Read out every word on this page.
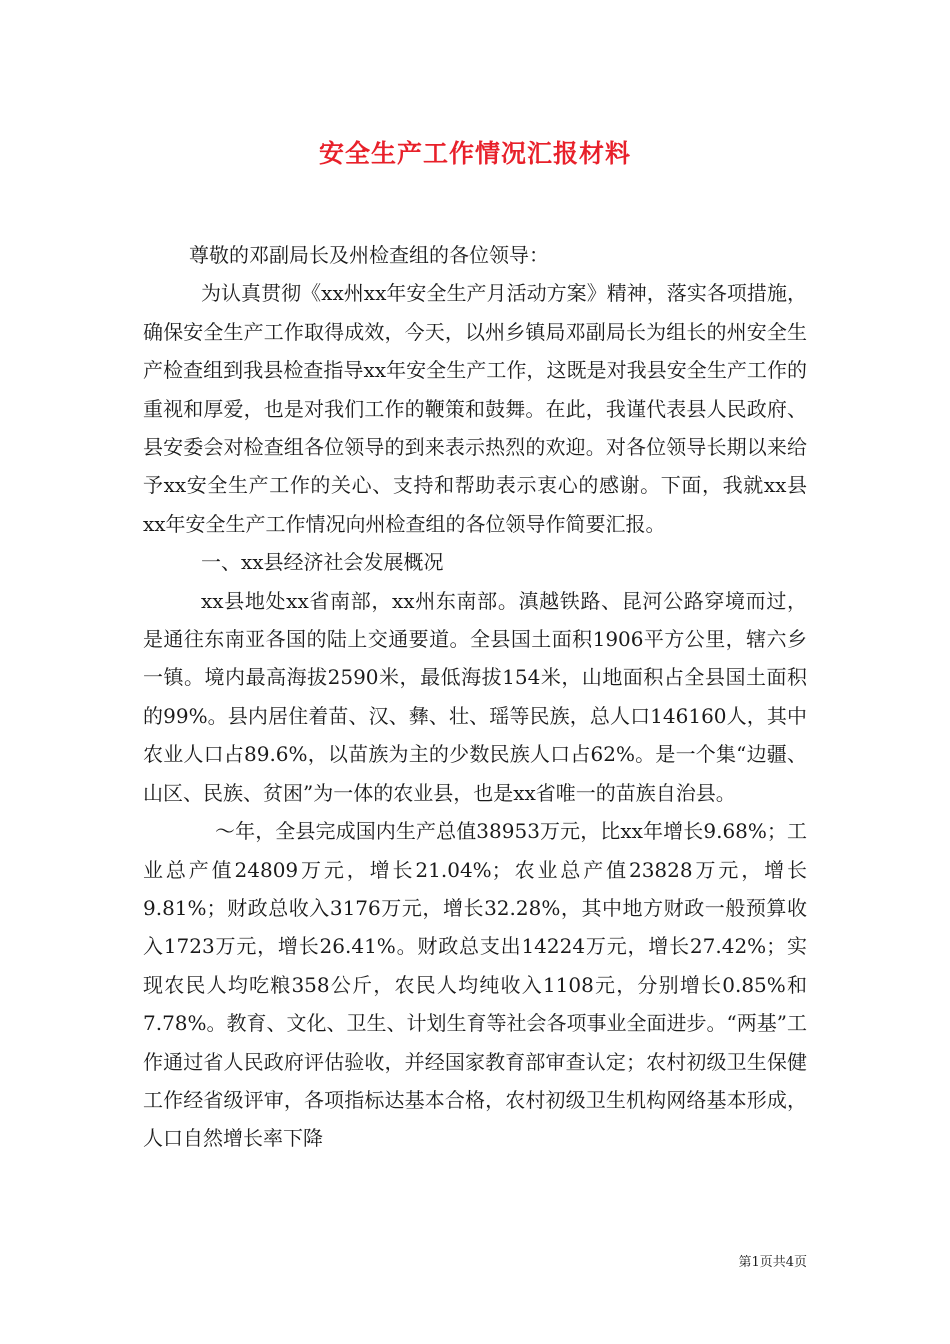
安全生产工作情况汇报材料

尊敬的邓副局长及州检查组的各位领导：

为认真贯彻《xx州xx年安全生产月活动方案》精神，落实各项措施，确保安全生产工作取得成效，今天，以州乡镇局邓副局长为组长的州安全生产检查组到我县检查指导xx年安全生产工作，这既是对我县安全生产工作的重视和厚爱，也是对我们工作的鞭策和鼓舞。在此，我谨代表县人民政府、县安委会对检查组各位领导的到来表示热烈的欢迎。对各位领导长期以来给予xx安全生产工作的关心、支持和帮助表示衷心的感谢。下面，我就xx县xx年安全生产工作情况向州检查组的各位领导作简要汇报。

一、xx县经济社会发展概况

xx县地处xx省南部，xx州东南部。滇越铁路、昆河公路穿境而过，是通往东南亚各国的陆上交通要道。全县国土面积1906平方公里，辖六乡一镇。境内最高海拔2590米，最低海拔154米，山地面积占全县国土面积的99%。县内居住着苗、汉、彝、壮、瑶等民族，总人口146160人，其中农业人口占89.6%，以苗族为主的少数民族人口占62%。是一个集“边疆、山区、民族、贫困”为一体的农业县，也是xx省唯一的苗族自治县。

～年，全县完成国内生产总值38953万元，比xx年增长9.68%；工业总产值24809万元，增长21.04%；农业总产值23828万元，增长9.81%；财政总收入3176万元，增长32.28%，其中地方财政一般预算收入1723万元，增长26.41%。财政总支出14224万元，增长27.42%；实现农民人均吃粮358公斤，农民人均纯收入1108元，分别增长0.85%和7.78%。教育、文化、卫生、计划生育等社会各项事业全面进步。“两基”工作通过省人民政府评估验收，并经国家教育部审查认定；农村初级卫生保健工作经省级评审，各项指标达基本合格，农村初级卫生机构网络基本形成，人口自然增长率下降

第1页共4页
